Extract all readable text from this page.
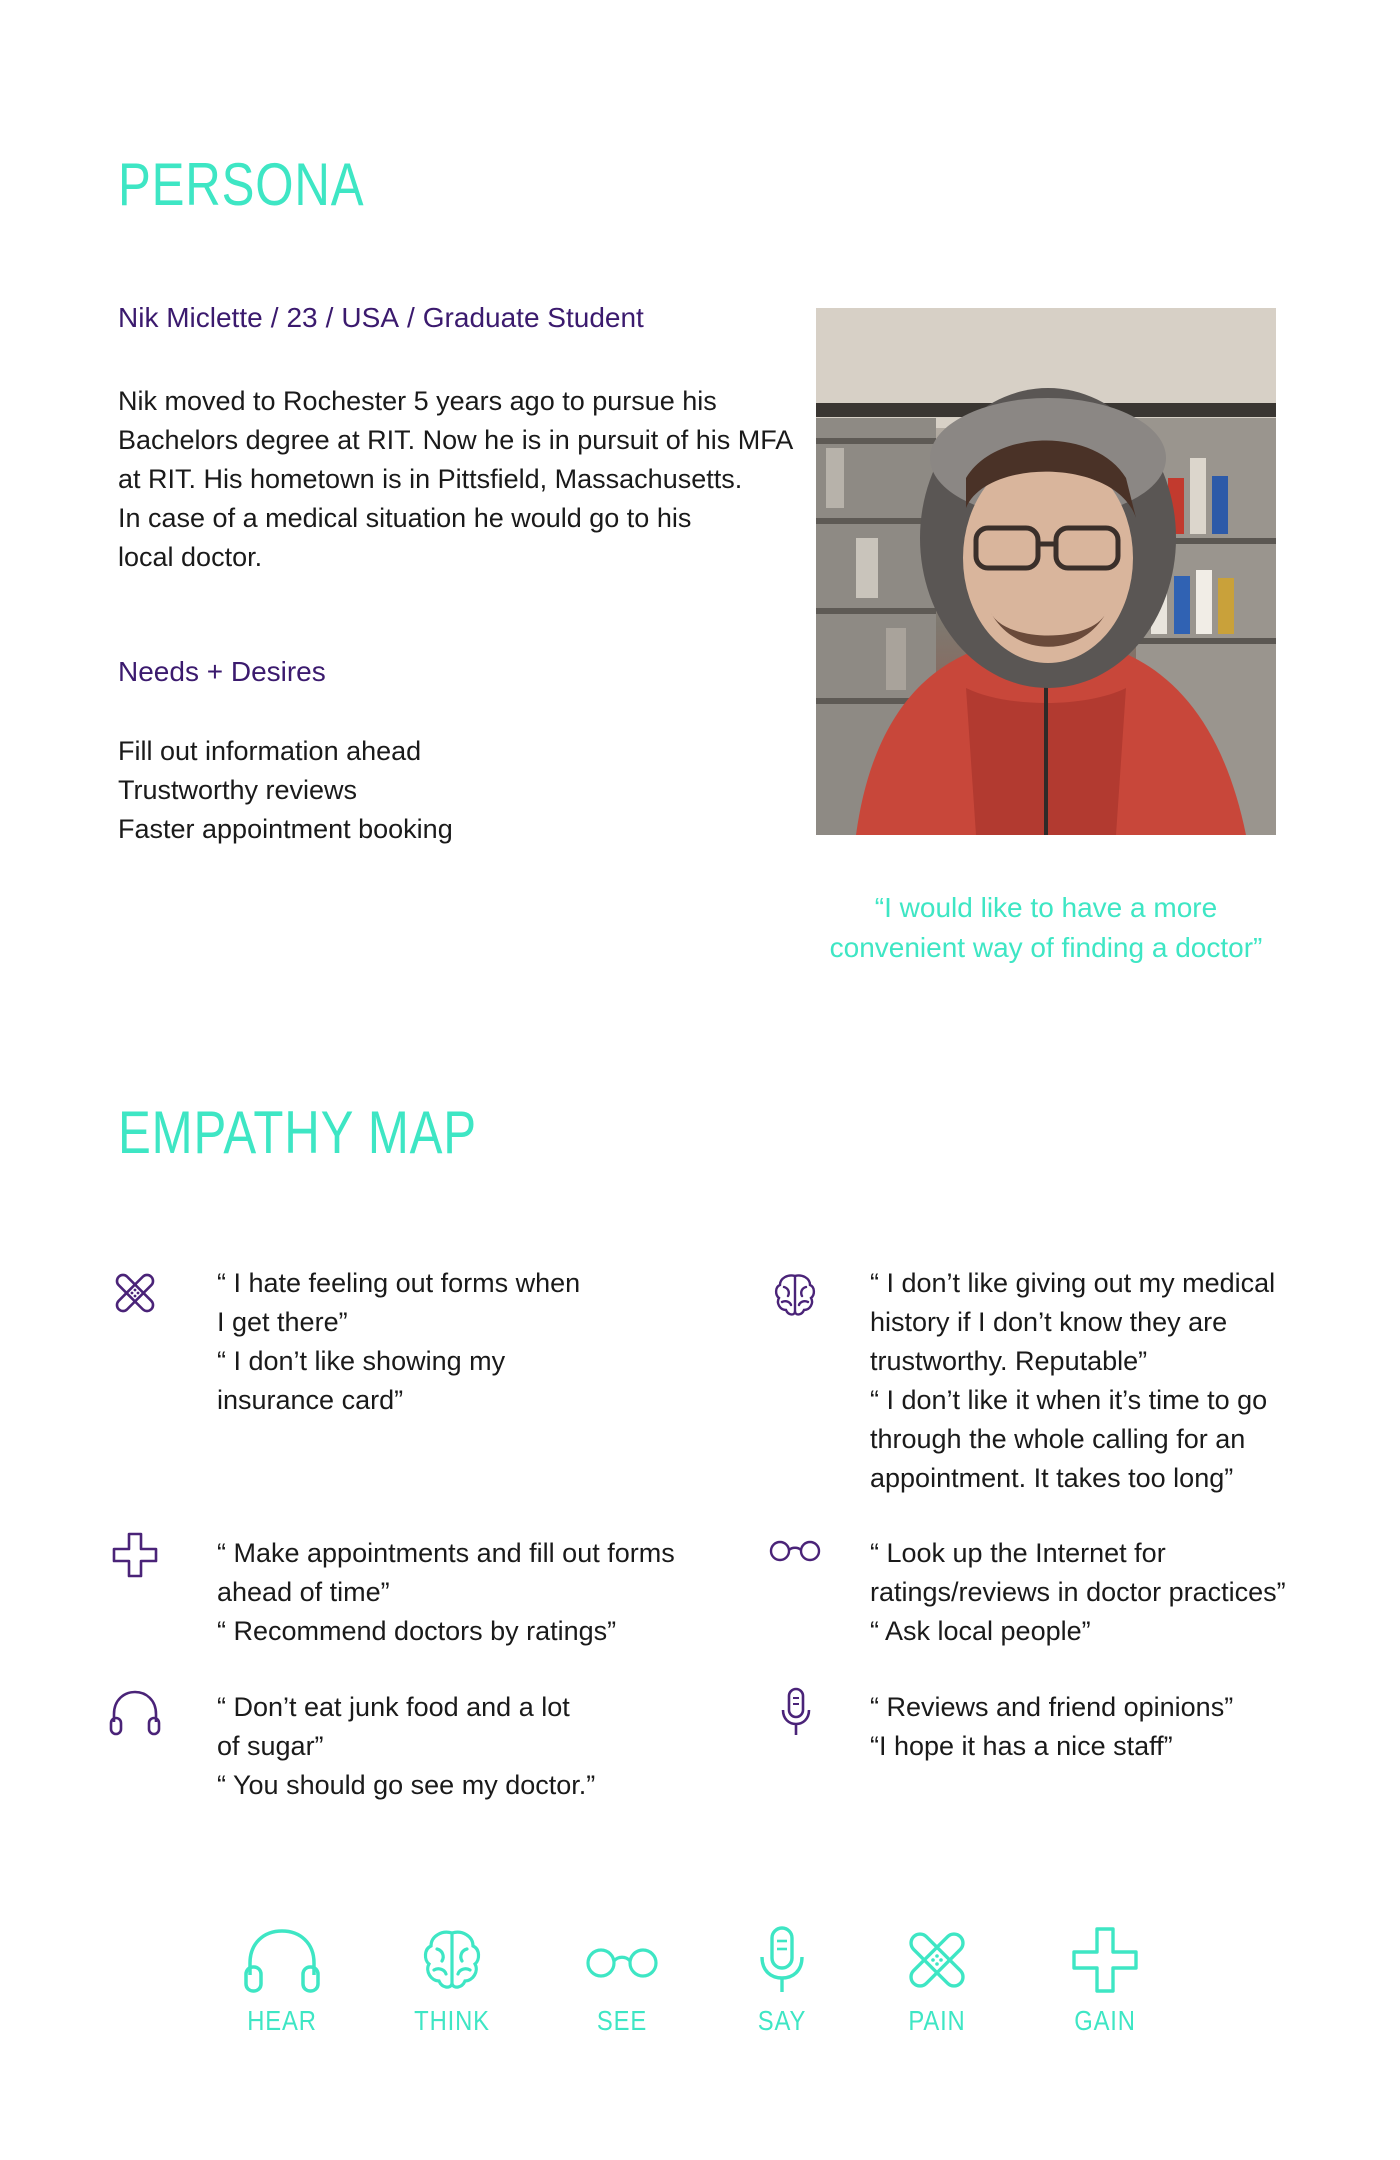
PERSONA
Nik Miclette / 23 / USA / Graduate Student
Nik moved to Rochester 5 years ago to pursue his
Bachelors degree at RIT. Now he is in pursuit of his MFA
at RIT. His hometown is in Pittsfield, Massachusetts.
In case of a medical situation he would go to his
local doctor.
Needs + Desires
Fill out information ahead
Trustworthy reviews
Faster appointment booking
“I would like to have a more
convenient way of finding a doctor”
EMPATHY MAP
“ I hate feeling out forms when
I get there”
“ I don’t like showing my
insurance card”
“ I don’t like giving out my medical
history if I don’t know they are
trustworthy. Reputable”
“ I don’t like it when it’s time to go
through the whole calling for an
appointment. It takes too long”
“ Make appointments and fill out forms
ahead of time”
“ Recommend doctors by ratings”
“ Look up the Internet for
ratings/reviews in doctor practices”
“ Ask local people”
“ Don’t eat junk food and a lot
of sugar”
“ You should go see my doctor.”
“ Reviews and friend opinions”
“I hope it has a nice staff”
HEAR	THINK	SEE	SAY	PAIN	GAIN
